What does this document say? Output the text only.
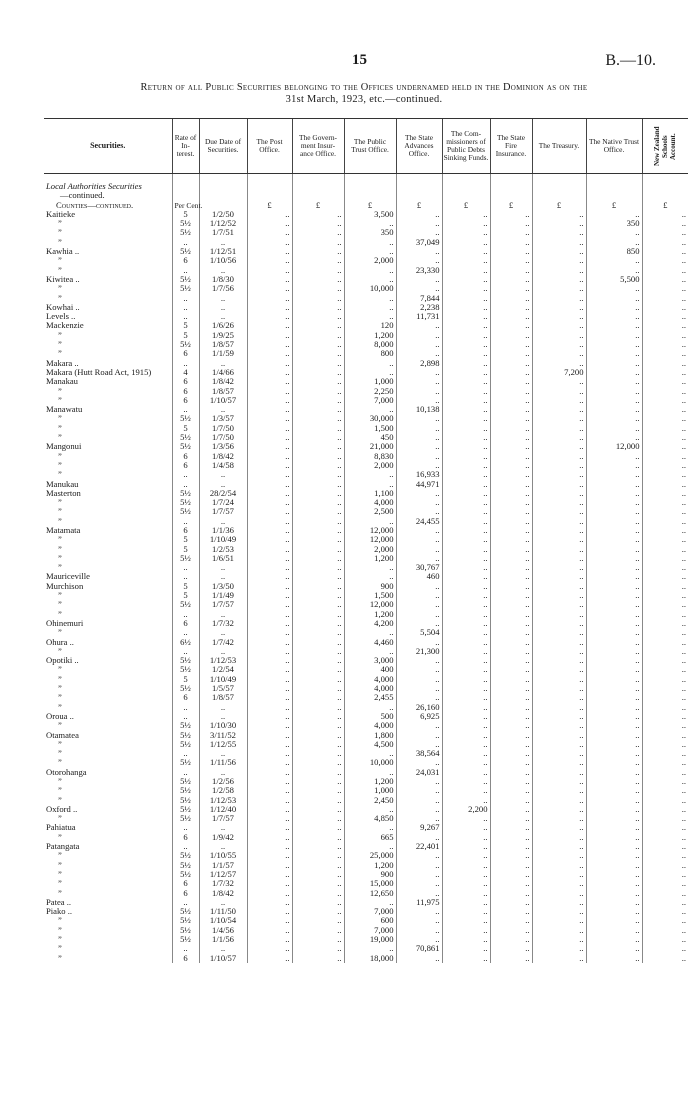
15	B.—10.
Return of all Public Securities belonging to the Offices undernamed held in the Dominion as on the
31st March, 1923, etc.—continued.
Securities.	Rate of In- terest.	Due Date of Securities.	The Post Office.	The Govern- ment Insur- ance Office.	The Public Trust Office.	The State Advances Office.	The Com- missioners of Public Debts Sinking Funds.	The State Fire Insurance.	The Treasury.	The Native Trust Office.	New Zealand Schools Account.
Local Authorities Securities
—continued.
Counties—continued.	Per Cent.		£	£	£	£	£	£	£	£	£
Kaitieke	5	1/2/50	..	..	3,500	..	..	..	..	..	..
”	5½	1/12/52	..	..	..	..	..	..	..	350	..
”	5½	1/7/51	..	..	350	..	..	..	..	..	..
”	..	..	..	..	..	37,049	..	..	..	..	..
Kawhia ..	5½	1/12/51	..	..	..	..	..	..	..	850	..
”	6	1/10/56	..	..	2,000	..	..	..	..	..	..
”	..	..	..	..	..	23,330	..	..	..	..	..
Kiwitea ..	5½	1/8/30	..	..	..	..	..	..	..	5,500	..
”	5½	1/7/56	..	..	10,000	..	..	..	..	..	..
”	..	..	..	..	..	7,844	..	..	..	..	..
Kowhai ..	..	..	..	..	..	2,238	..	..	..	..	..
Levels ..	..	..	..	..	..	11,731	..	..	..	..	..
Mackenzie	5	1/6/26	..	..	120	..	..	..	..	..	..
”	5	1/9/25	..	..	1,200	..	..	..	..	..	..
”	5½	1/8/57	..	..	8,000	..	..	..	..	..	..
”	6	1/1/59	..	..	800	..	..	..	..	..	..
Makara ..	..	..	..	..	..	2,898	..	..	..	..	..
Makara (Hutt Road Act, 1915)	4	1/4/66	..	..	..	..	..	..	7,200	..	..
Manakau	6	1/8/42	..	..	1,000	..	..	..	..	..	..
”	6	1/8/57	..	..	2,250	..	..	..	..	..	..
”	6	1/10/57	..	..	7,000	..	..	..	..	..	..
Manawatu	..	..	..	..	..	10,138	..	..	..	..	..
”	5½	1/3/57	..	..	30,000	..	..	..	..	..	..
”	5	1/7/50	..	..	1,500	..	..	..	..	..	..
”	5½	1/7/50	..	..	450	..	..	..	..	..	..
Mangonui	5½	1/3/56	..	..	21,000	..	..	..	..	12,000	..
”	6	1/8/42	..	..	8,830	..	..	..	..	..	..
”	6	1/4/58	..	..	2,000	..	..	..	..	..	..
”	..	..	..	..	..	16,933	..	..	..	..	..
Manukau	..	..	..	..	..	44,971	..	..	..	..	..
Masterton	5½	28/2/54	..	..	1,100	..	..	..	..	..	..
”	5½	1/7/24	..	..	4,000	..	..	..	..	..	..
”	5½	1/7/57	..	..	2,500	..	..	..	..	..	..
”	..	..	..	..	..	24,455	..	..	..	..	..
Matamata	6	1/1/36	..	..	12,000	..	..	..	..	..	..
”	5	1/10/49	..	..	12,000	..	..	..	..	..	..
”	5	1/2/53	..	..	2,000	..	..	..	..	..	..
”	5½	1/6/51	..	..	1,200	..	..	..	..	..	..
”	..	..	..	..	..	30,767	..	..	..	..	..
Mauriceville	..	..	..	..	..	460	..	..	..	..	..
Murchison	5	1/3/50	..	..	900	..	..	..	..	..	..
”	5	1/1/49	..	..	1,500	..	..	..	..	..	..
”	5½	1/7/57	..	..	12,000	..	..	..	..	..	..
”	..	..	..	..	1,200	..	..	..	..	..	..
Ohinemuri	6	1/7/32	..	..	4,200	..	..	..	..	..	..
”	..	..	..	..	..	5,504	..	..	..	..	..
Ohura ..	6½	1/7/42	..	..	4,460	..	..	..	..	..	..
”	..	..	..	..	..	21,300	..	..	..	..	..
Opotiki ..	5½	1/12/53	..	..	3,000	..	..	..	..	..	..
”	5½	1/2/54	..	..	400	..	..	..	..	..	..
”	5	1/10/49	..	..	4,000	..	..	..	..	..	..
”	5½	1/5/57	..	..	4,000	..	..	..	..	..	..
”	6	1/8/57	..	..	2,455	..	..	..	..	..	..
”	..	..	..	..	..	26,160	..	..	..	..	..
Oroua ..	..	..	..	..	500	6,925	..	..	..	..	..
”	5½	1/10/30	..	..	4,000	..	..	..	..	..	..
Otamatea	5½	3/11/52	..	..	1,800	..	..	..	..	..	..
”	5½	1/12/55	..	..	4,500	..	..	..	..	..	..
”	..	..	..	..	..	38,564	..	..	..	..	..
”	5½	1/11/56	..	..	10,000	..	..	..	..	..	..
Otorohanga	..	..	..	..	..	24,031	..	..	..	..	..
”	5½	1/2/56	..	..	1,200	..	..	..	..	..	..
”	5½	1/2/58	..	..	1,000	..	..	..	..	..	..
”	5½	1/12/53	..	..	2,450	..	..	..	..	..	..
Oxford ..	5½	1/12/40	..	..	..	..	2,200	..	..	..	..
”	5½	1/7/57	..	..	4,850	..	..	..	..	..	..
Pahiatua	..	..	..	..	..	9,267	..	..	..	..	..
”	6	1/9/42	..	..	665	..	..	..	..	..	..
Patangata	..	..	..	..	..	22,401	..	..	..	..	..
”	5½	1/10/55	..	..	25,000	..	..	..	..	..	..
”	5½	1/1/57	..	..	1,200	..	..	..	..	..	..
”	5½	1/12/57	..	..	900	..	..	..	..	..	..
”	6	1/7/32	..	..	15,000	..	..	..	..	..	..
”	6	1/8/42	..	..	12,650	..	..	..	..	..	..
Patea ..	..	..	..	..	..	11,975	..	..	..	..	..
Piako ..	5½	1/11/50	..	..	7,000	..	..	..	..	..	..
”	5½	1/10/54	..	..	600	..	..	..	..	..	..
”	5½	1/4/56	..	..	7,000	..	..	..	..	..	..
”	5½	1/1/56	..	..	19,000	..	..	..	..	..	..
”	..	..	..	..	..	70,861	..	..	..	..	..
”	6	1/10/57	..	..	18,000	..	..	..	..	..	..
